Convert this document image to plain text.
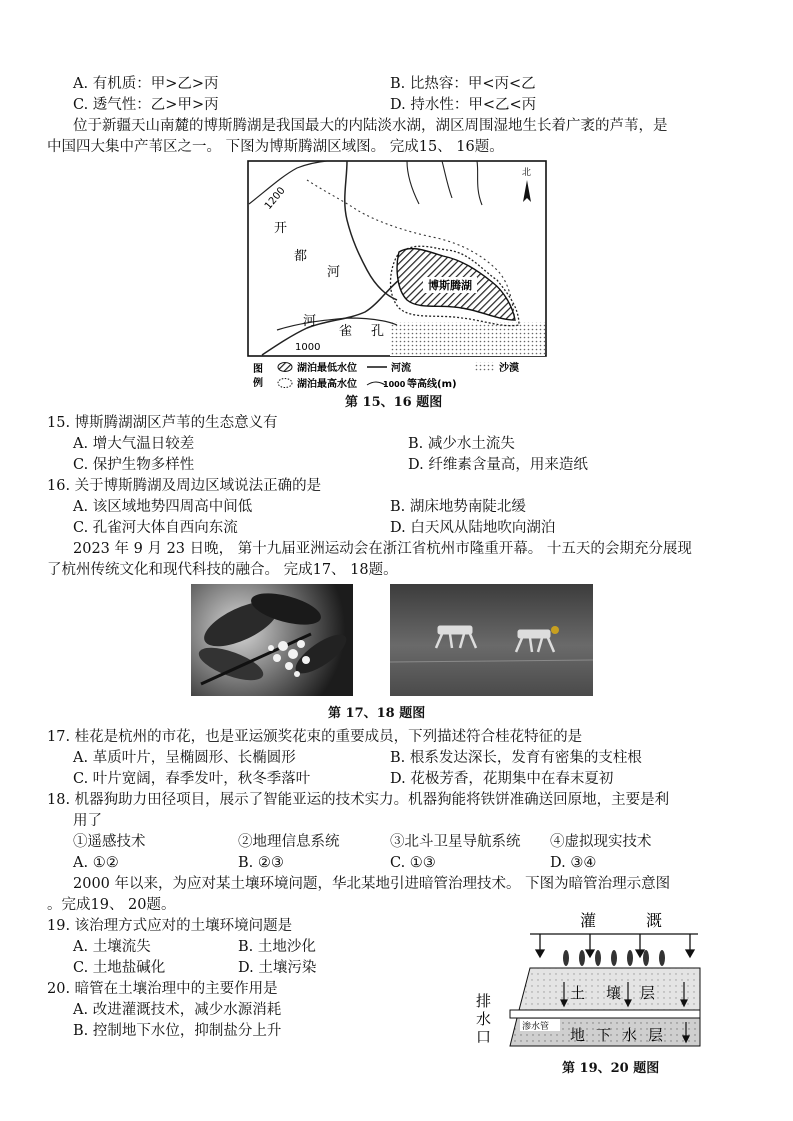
A. 有机质：甲>乙>丙	B. 比热容：甲<丙<乙
C. 透气性：乙>甲>丙	D. 持水性：甲<乙<丙
位于新疆天山南麓的博斯腾湖是我国最大的内陆淡水湖，湖区周围湿地生长着广袤的芦苇，是
中国四大集中产苇区之一。 下图为博斯腾湖区域图。 完成15、 16题。
博斯腾湖
1200
1000
北
开
都
河
河
雀 孔
图
例
湖泊最低水位
湖泊最高水位
河流
1000 等高线(m)
沙漠
第 15、16 题图
15. 博斯腾湖湖区芦苇的生态意义有
A. 增大气温日较差	B. 减少水土流失
C. 保护生物多样性	D. 纤维素含量高，用来造纸
16. 关于博斯腾湖及周边区域说法正确的是
A. 该区域地势四周高中间低	B. 湖床地势南陡北缓
C. 孔雀河大体自西向东流	D. 白天风从陆地吹向湖泊
2023 年 9 月 23 日晚， 第十九届亚洲运动会在浙江省杭州市隆重开幕。 十五天的会期充分展现
了杭州传统文化和现代科技的融合。 完成17、 18题。
第 17、18 题图
17. 桂花是杭州的市花，也是亚运颁奖花束的重要成员，下列描述符合桂花特征的是
A. 革质叶片，呈椭圆形、长椭圆形	B. 根系发达深长，发育有密集的支柱根
C. 叶片宽阔，春季发叶，秋冬季落叶	D. 花极芳香，花期集中在春末夏初
18. 机器狗助力田径项目，展示了智能亚运的技术实力。机器狗能将铁饼准确送回原地，主要是利
用了
①遥感技术	②地理信息系统	③北斗卫星导航系统 ④虚拟现实技术
A. ①②	B. ②③	C. ①③	D. ③④
2000 年以来，为应对某土壤环境问题，华北某地引进暗管治理技术。 下图为暗管治理示意图
。完成19、 20题。
19. 该治理方式应对的土壤环境问题是
A. 土壤流失	B. 土地沙化
C. 土地盐碱化	D. 土壤污染
20. 暗管在土壤治理中的主要作用是
A. 改进灌溉技术，减少水源消耗
B. 控制地下水位，抑制盐分上升
灌	溉
土 壤 层
渗水管 地 下 水 层
排
水
口
第 19、20 题图
